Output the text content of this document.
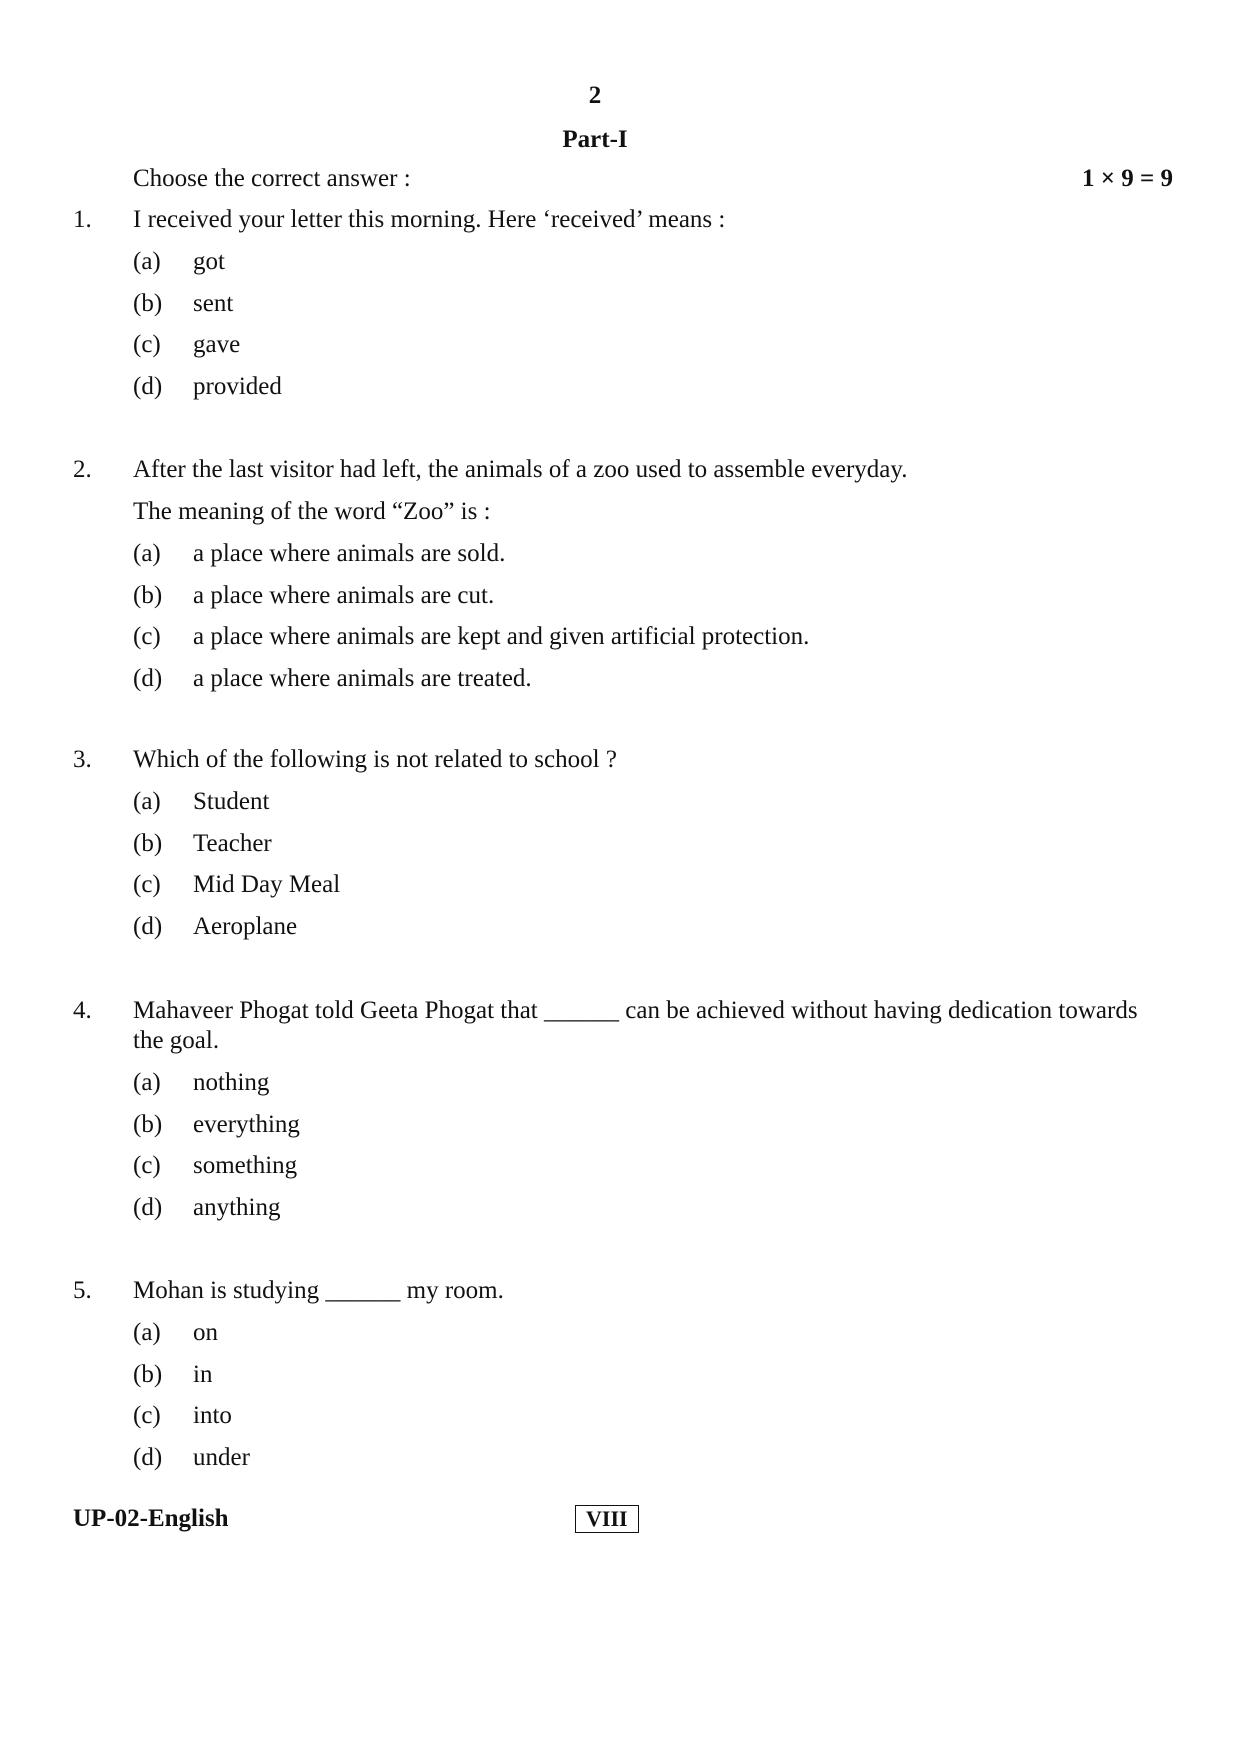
2
Part-I
Choose the correct answer :	1 × 9 = 9
1. I received your letter this morning. Here ‘received’ means :
(a) got
(b) sent
(c) gave
(d) provided
2. After the last visitor had left, the animals of a zoo used to assemble everyday.
The meaning of the word “Zoo” is :
(a) a place where animals are sold.
(b) a place where animals are cut.
(c) a place where animals are kept and given artificial protection.
(d) a place where animals are treated.
3. Which of the following is not related to school ?
(a) Student
(b) Teacher
(c) Mid Day Meal
(d) Aeroplane
4. Mahaveer Phogat told Geeta Phogat that ______ can be achieved without having dedication towards the goal.
(a) nothing
(b) everything
(c) something
(d) anything
5. Mohan is studying ______ my room.
(a) on
(b) in
(c) into
(d) under
UP-02-English	VIII
